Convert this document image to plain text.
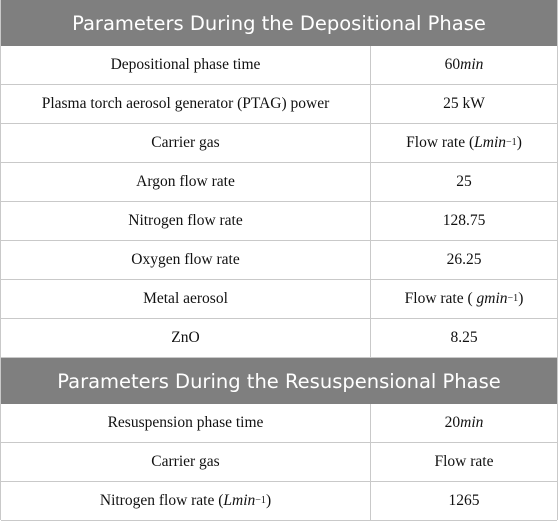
Parameters During the Depositional Phase
Depositional phase time	60 min
Plasma torch aerosol generator (PTAG) power	25 kW
Carrier gas	Flow rate ( Lmin −1 )
Argon flow rate	25
Nitrogen flow rate	128.75
Oxygen flow rate	26.25
Metal aerosol	Flow rate ( gmin −1 )
ZnO	8.25
Parameters During the Resuspensional Phase
Resuspension phase time	20 min
Carrier gas	Flow rate
Nitrogen flow rate ( Lmin −1 )	1265
